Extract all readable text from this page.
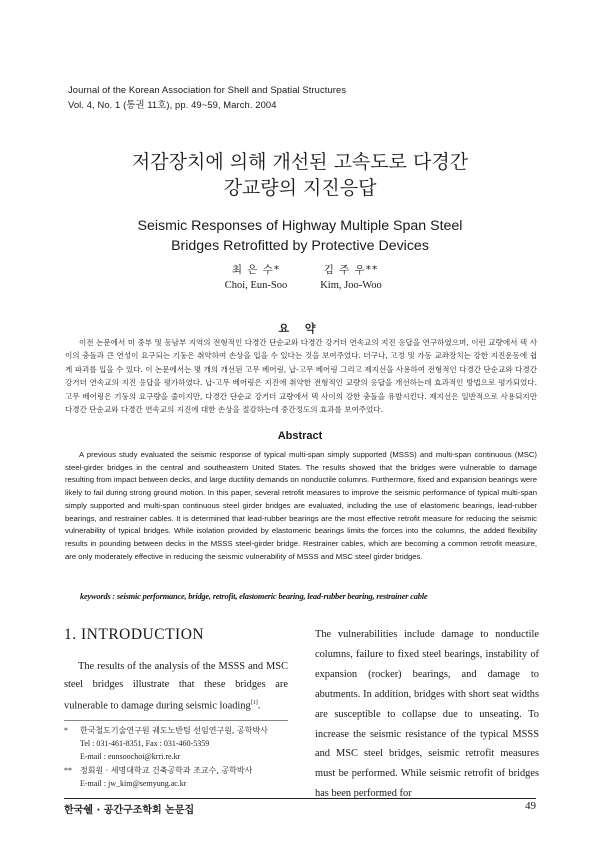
Journal of the Korean Association for Shell and Spatial Structures
Vol. 4, No. 1 (통권 11호), pp. 49~59, March. 2004
저감장치에 의해 개선된 고속도로 다경간
강교량의 지진응답
Seismic Responses of Highway Multiple Span Steel
Bridges Retrofitted by Protective Devices
최 은 수*
Choi, Eun-Soo
김 주 우**
Kim, Joo-Woo
요 약
이전 논문에서 미 중부 및 동남부 지역의 전형적인 다경간 단순교와 다경간 강거더 연속교의 지진 응답을 연구하였으며, 이런 교량에서 덱 사이의 충돌과 큰 연성이 요구되는 기둥은 취약하여 손상을 입을 수 있다는 것을 보여주었다. 더구나, 고정 및 가동 교좌장치는 강한 지진운동에 쉽게 파괴를 입을 수 있다. 이 논문에서는 몇 개의 개선된 고무 베어링, 납-고무 베어링 그리고 제지선을 사용하여 전형적인 다경간 단순교와 다경간 강거더 연속교의 지진 응답을 평가하였다. 납-고무 베어링은 지진에 취약한 전형적인 교량의 응답을 개선하는데 효과적인 방법으로 평가되었다. 고무 베어링은 기둥의 요구량을 줄이지만, 다경간 단순교 강거더 교량에서 덱 사이의 강한 충돌을 유발시킨다. 제지선은 일반적으로 사용되지만 다경간 단순교와 다경간 연속교의 지진에 대한 손상을 절감하는데 중간정도의 효과를 보여주었다.
Abstract
A previous study evaluated the seismic response of typical multi-span simply supported (MSSS) and multi-span continuous (MSC) steel-girder bridges in the central and southeastern United States. The results showed that the bridges were vulnerable to damage resulting from impact between decks, and large ductility demands on nonductile columns. Furthermore, fixed and expansion bearings were likely to fail during strong ground motion. In this paper, several retrofit measures to improve the seismic performance of typical multi-span simply supported and multi-span continuous steel girder bridges are evaluated, including the use of elastomeric bearings, lead-rubber bearings, and restrainer cables. It is determined that lead-rubber bearings are the most effective retrofit measure for reducing the seismic vulnerability of typical bridges. While isolation provided by elastomeric bearings limits the forces into the columns, the added flexibility results in pounding between decks in the MSSS steel-girder bridge. Restrainer cables, which are becoming a common retrofit measure, are only moderately effective in reducing the seismic vulnerability of MSSS and MSC steel girder bridges.
keywords : seismic performance, bridge, retrofit, elastomeric bearing, lead-rubber bearing, restrainer cable
1. INTRODUCTION
The results of the analysis of the MSSS and MSC steel bridges illustrate that these bridges are vulnerable to damage during seismic loading[1].
* 한국철도기술연구원 궤도노반팀 선임연구원, 공학박사
Tel : 031-461-8351, Fax : 031-460-5359
E-mail : eunsoochoi@krri.re.kr
** 정회원 · 세명대학교 건축공학과 조교수, 공학박사
E-mail : jw_kim@semyung.ac.kr
The vulnerabilities include damage to nonductile columns, failure to fixed steel bearings, instability of expansion (rocker) bearings, and damage to abutments. In addition, bridges with short seat widths are susceptible to collapse due to unseating. To increase the seismic resistance of the typical MSSS and MSC steel bridges, seismic retrofit measures must be performed. While seismic retrofit of bridges has been performed for
한국쉘 · 공간구조학회 논문집	49
